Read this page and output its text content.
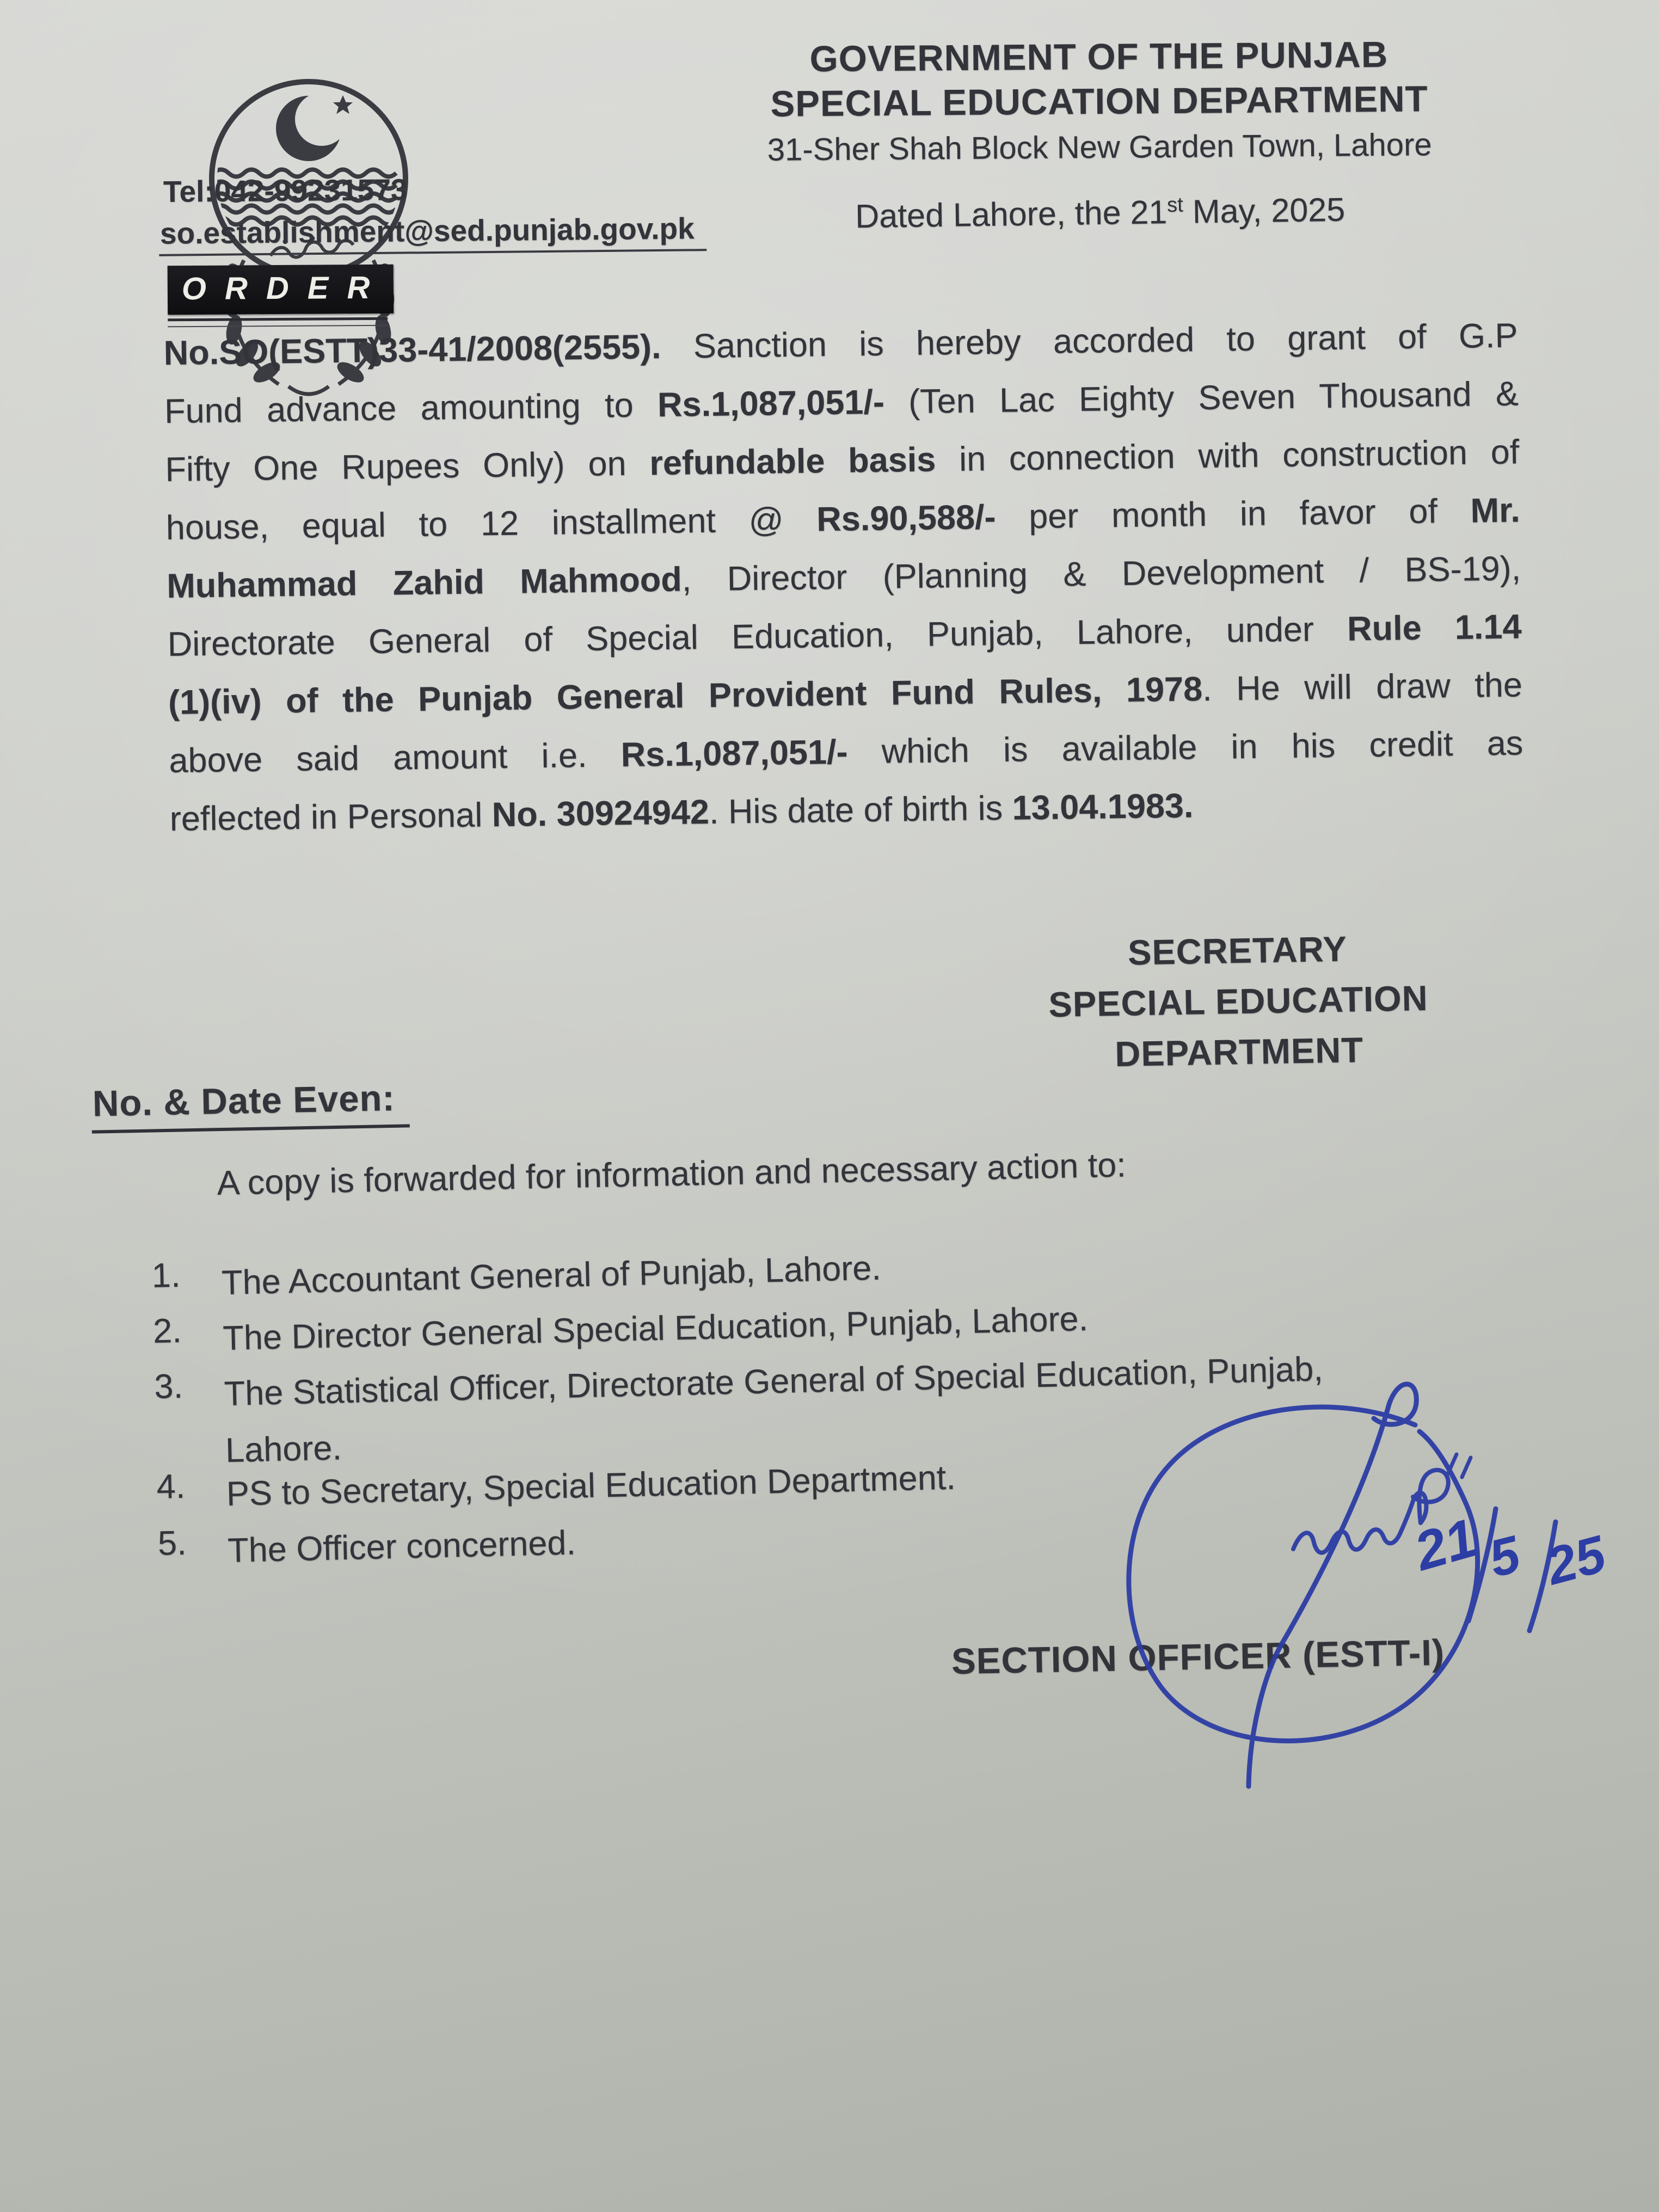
GOVERNMENT OF THE PUNJAB
SPECIAL EDUCATION DEPARTMENT
31-Sher Shah Block New Garden Town, Lahore
Dated Lahore, the 21st May, 2025
Tel:042-99231573
so.establishment@sed.punjab.gov.pk
ORDER
No.SO(ESTT)33-41/2008(2555). Sanction is hereby accorded to grant of G.P
Fund advance amounting to Rs.1,087,051/- (Ten Lac Eighty Seven Thousand &
Fifty One Rupees Only) on refundable basis in connection with construction of
house, equal to 12 installment @ Rs.90,588/- per month in favor of Mr.
Muhammad Zahid Mahmood, Director (Planning & Development / BS-19),
Directorate General of Special Education, Punjab, Lahore, under Rule 1.14
(1)(iv) of the Punjab General Provident Fund Rules, 1978. He will draw the
above said amount i.e. Rs.1,087,051/- which is available in his credit as
reflected in Personal No. 30924942. His date of birth is 13.04.1983.
SECRETARY
SPECIAL EDUCATION
DEPARTMENT
No. & Date Even:
A copy is forwarded for information and necessary action to:
1.	The Accountant General of Punjab, Lahore.
2.	The Director General Special Education, Punjab, Lahore.
3.	The Statistical Officer, Directorate General of Special Education, Punjab,
Lahore.
4.	PS to Secretary, Special Education Department.
5.	The Officer concerned.
SECTION OFFICER (ESTT-I)
21 5 25
